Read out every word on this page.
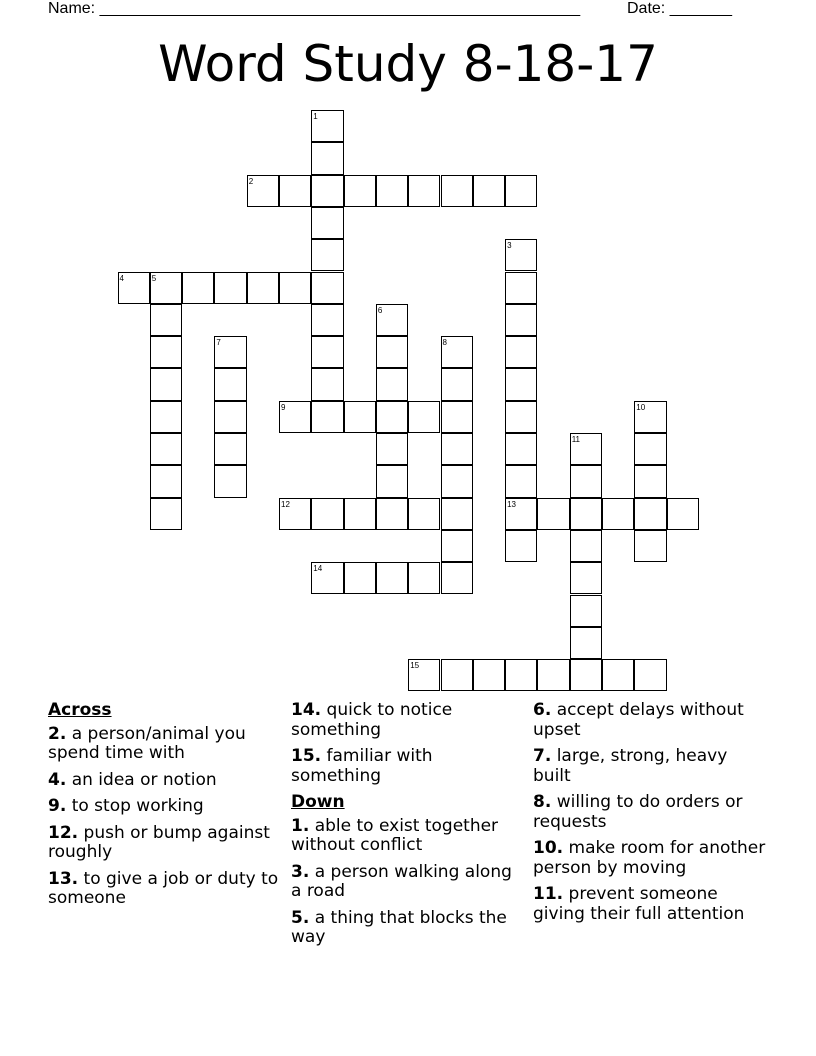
Name: ______________________________________________________	Date: _______
Word Study 8-18-17
1
2
3
4	5
6
7	8
9	10
11
12	13
14
15
Across
2. a person/animal you spend time with
4. an idea or notion
9. to stop working
12. push or bump against roughly
13. to give a job or duty to someone
14. quick to notice something
15. familiar with something
Down
1. able to exist together without conflict
3. a person walking along a road
5. a thing that blocks the way
6. accept delays without upset
7. large, strong, heavy built
8. willing to do orders or requests
10. make room for another person by moving
11. prevent someone giving their full attention
